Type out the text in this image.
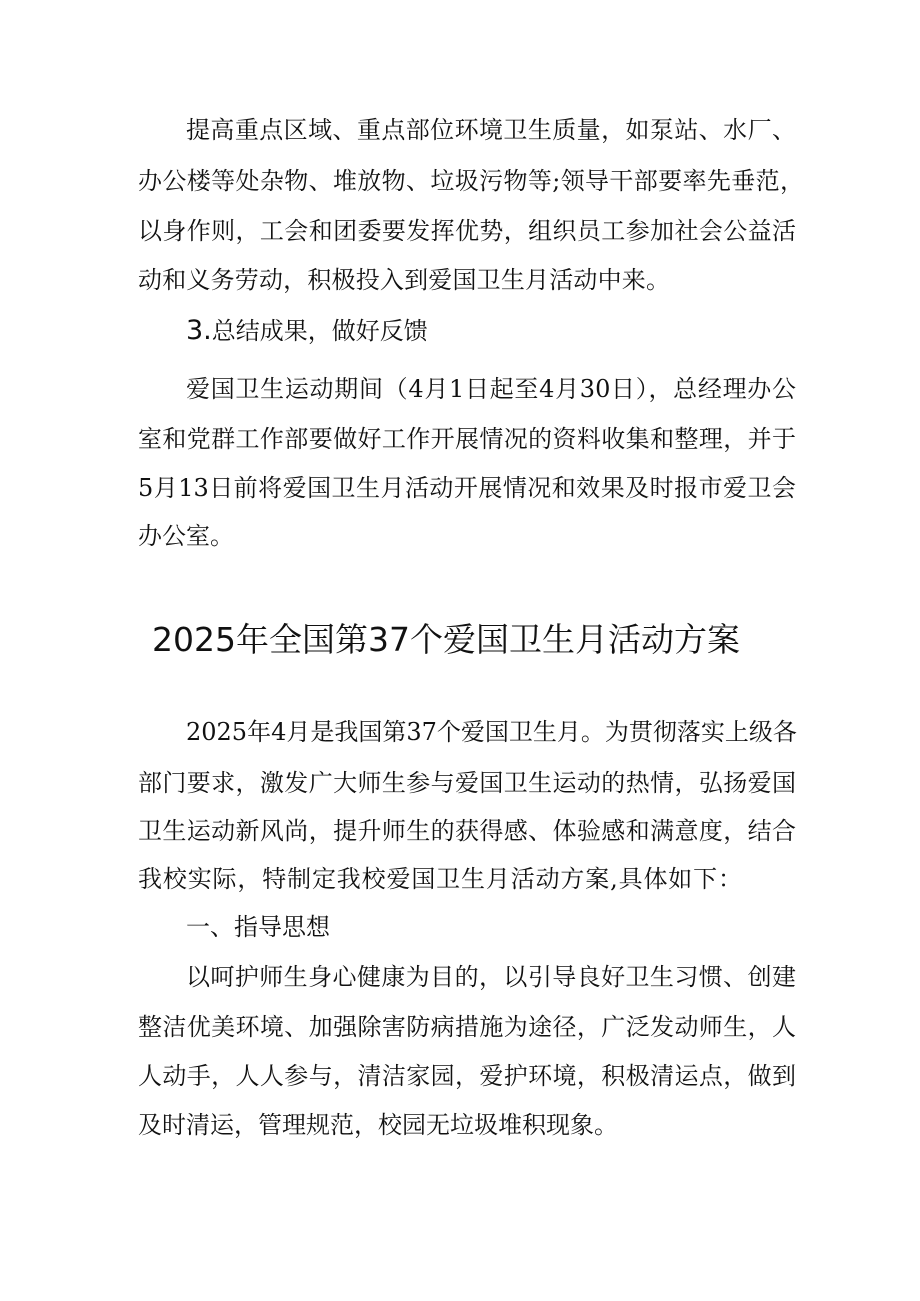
提高重点区域、重点部位环境卫生质量，如泵站、水厂、
办公楼等处杂物、堆放物、垃圾污物等;领导干部要率先垂范，
以身作则，工会和团委要发挥优势，组织员工参加社会公益活
动和义务劳动，积极投入到爱国卫生月活动中来。
3.总结成果，做好反馈
爱国卫生运动期间（4月1日起至4月30日），总经理办公
室和党群工作部要做好工作开展情况的资料收集和整理，并于
5月13日前将爱国卫生月活动开展情况和效果及时报市爱卫会
办公室。
2025年全国第37个爱国卫生月活动方案
2025年4月是我国第37个爱国卫生月。为贯彻落实上级各
部门要求，激发广大师生参与爱国卫生运动的热情，弘扬爱国
卫生运动新风尚，提升师生的获得感、体验感和满意度，结合
我校实际，特制定我校爱国卫生月活动方案,具体如下：
一、指导思想
以呵护师生身心健康为目的，以引导良好卫生习惯、创建
整洁优美环境、加强除害防病措施为途径，广泛发动师生，人
人动手，人人参与，清洁家园，爱护环境，积极清运点，做到
及时清运，管理规范，校园无垃圾堆积现象。
